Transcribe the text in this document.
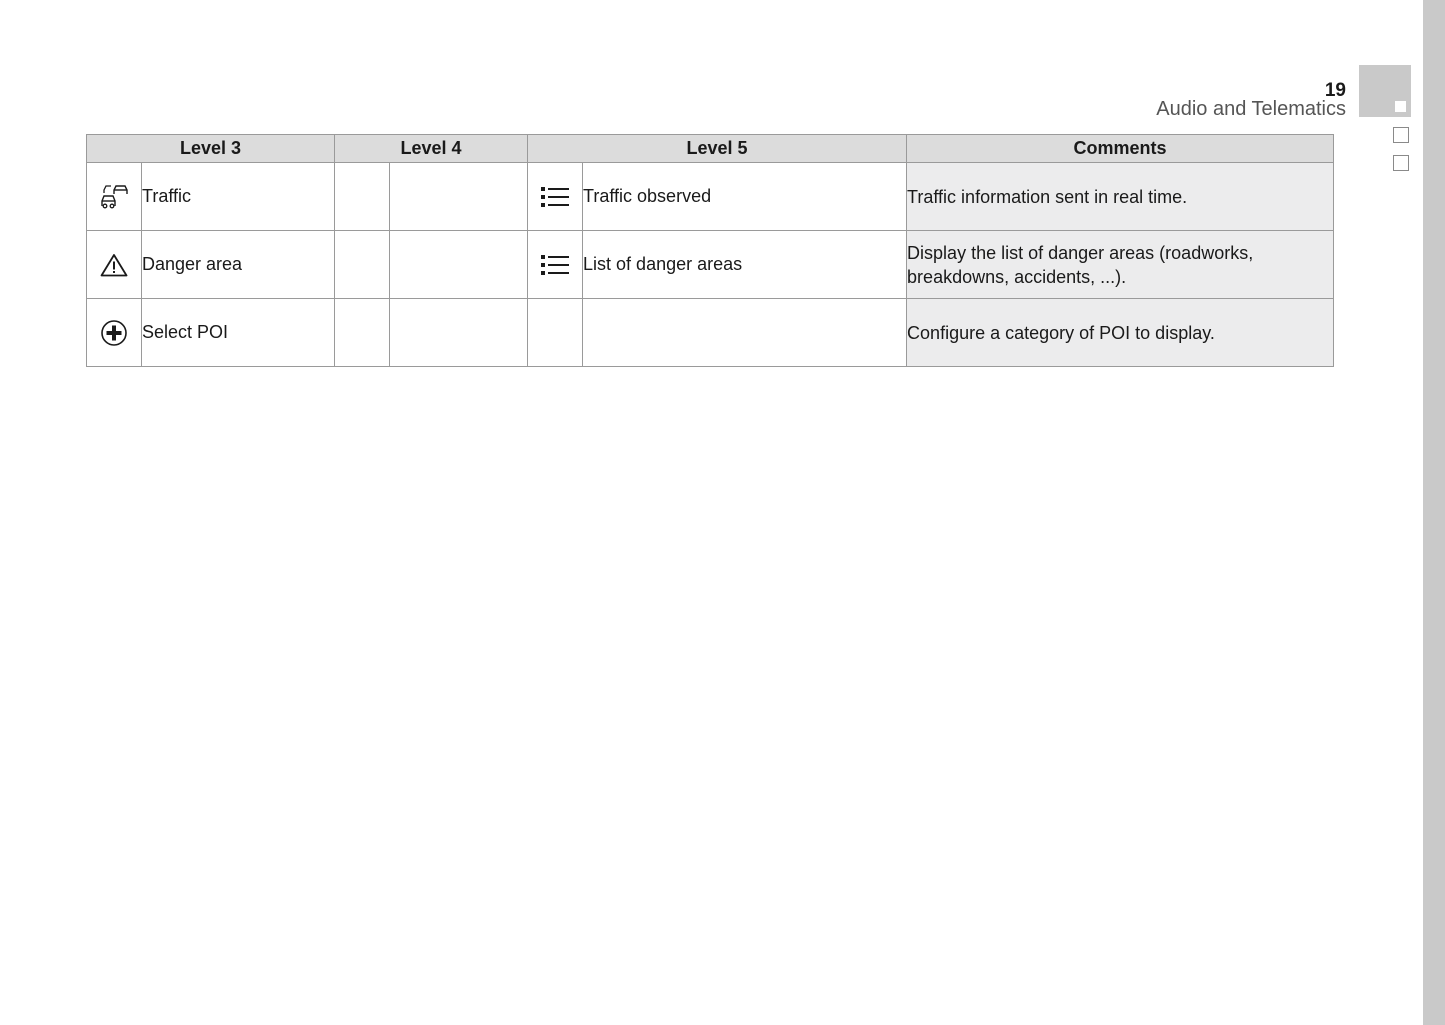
19
Audio and Telematics
Level 3		Level 4		Level 5		Comments

	Traffic				Traffic observed	Traffic information sent in real time.

	Danger area				List of danger areas	Display the list of danger areas (roadworks, breakdowns, accidents, ...).

	Select POI					Configure a category of POI to display.
